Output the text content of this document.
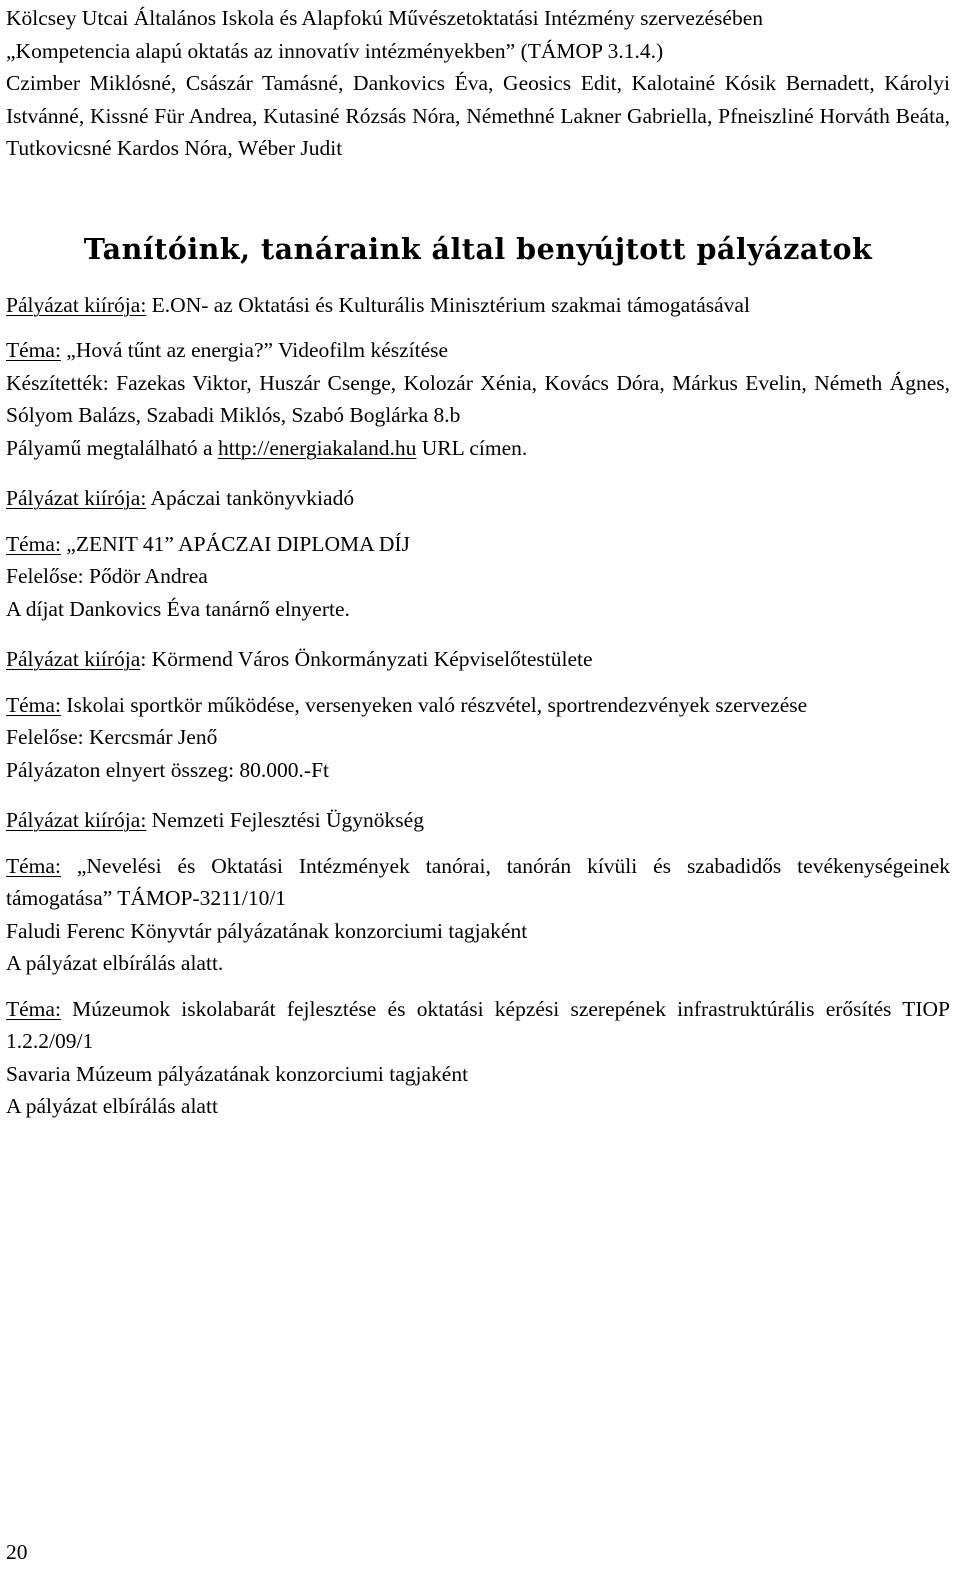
Kölcsey Utcai Általános Iskola és Alapfokú Művészetoktatási Intézmény szervezésében

„Kompetencia alapú oktatás az innovatív intézményekben” (TÁMOP 3.1.4.)

Czimber Miklósné, Császár Tamásné, Dankovics Éva, Geosics Edit, Kalotainé Kósik Bernadett, Károlyi Istvánné, Kissné Für Andrea, Kutasiné Rózsás Nóra, Némethné Lakner Gabriella, Pfneiszliné Horváth Beáta, Tutkovicsné Kardos Nóra, Wéber Judit

Tanítóink, tanáraink által benyújtott pályázatok

Pályázat kiírója: E.ON- az Oktatási és Kulturális Minisztérium szakmai támogatásával

Téma: „Hová tűnt az energia?” Videofilm készítése

Készítették: Fazekas Viktor, Huszár Csenge, Kolozár Xénia, Kovács Dóra, Márkus Evelin, Németh Ágnes, Sólyom Balázs, Szabadi Miklós, Szabó Boglárka 8.b

Pályamű megtalálható a http://energiakaland.hu URL címen.

Pályázat kiírója: Apáczai tankönyvkiadó

Téma: „ZENIT 41” APÁCZAI DIPLOMA DÍJ

Felelőse: Pődör Andrea

A díjat Dankovics Éva tanárnő elnyerte.

Pályázat kiírója: Körmend Város Önkormányzati Képviselőtestülete

Téma: Iskolai sportkör működése, versenyeken való részvétel, sportrendezvények szervezése

Felelőse: Kercsmár Jenő

Pályázaton elnyert összeg: 80.000.-Ft

Pályázat kiírója: Nemzeti Fejlesztési Ügynökség

Téma: „Nevelési és Oktatási Intézmények tanórai, tanórán kívüli és szabadidős tevékenységeinek támogatása” TÁMOP-3211/10/1

Faludi Ferenc Könyvtár pályázatának konzorciumi tagjaként

A pályázat elbírálás alatt.

Téma: Múzeumok iskolabarát fejlesztése és oktatási képzési szerepének infrastruktúrális erősítés TIOP 1.2.2/09/1

Savaria Múzeum pályázatának konzorciumi tagjaként

A pályázat elbírálás alatt

20
